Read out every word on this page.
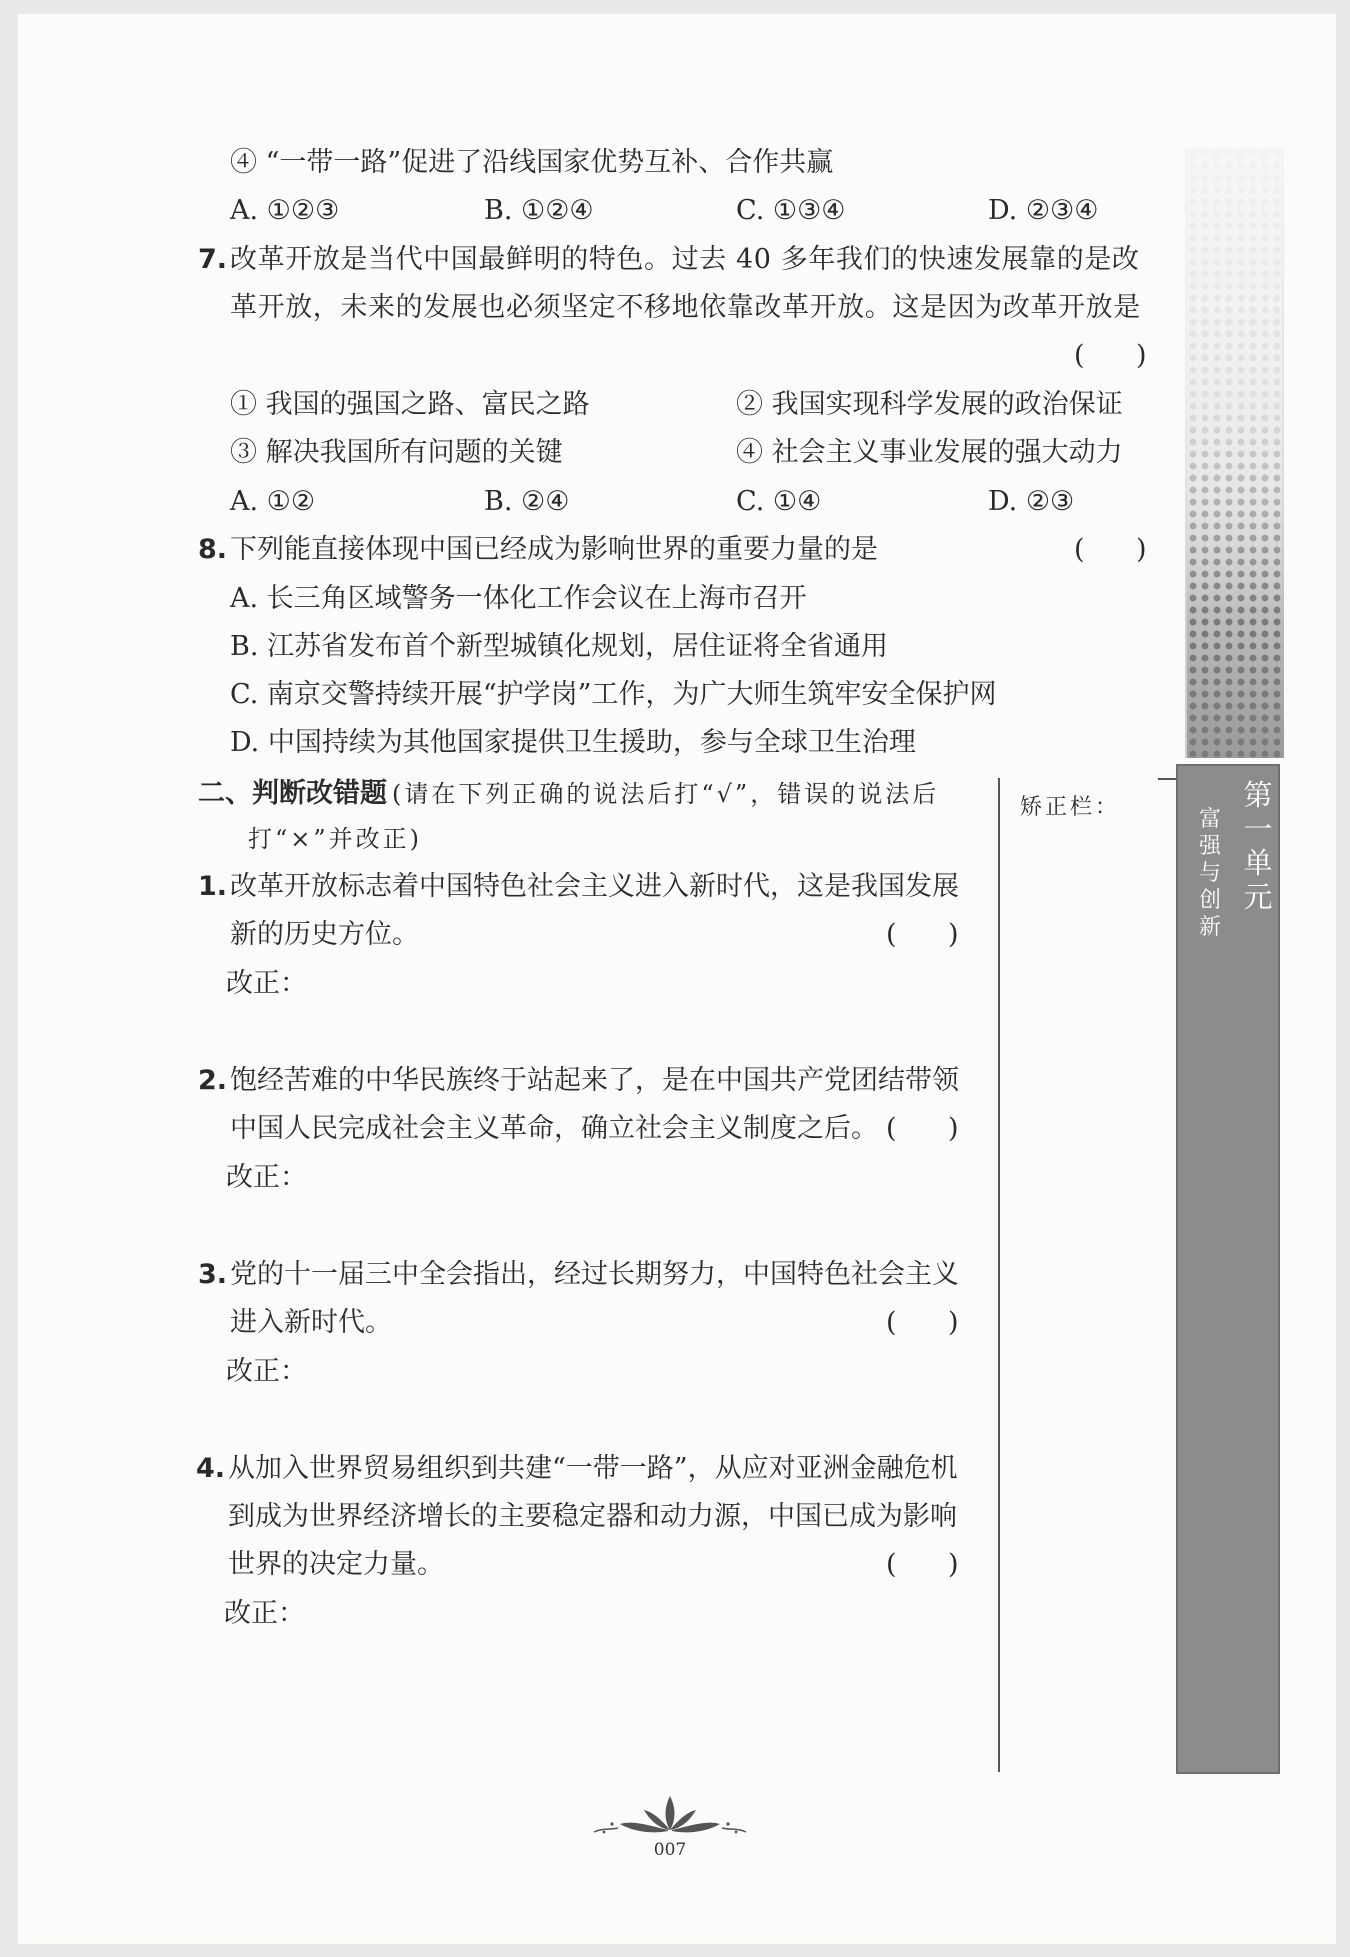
第
一
单
元
富
强
与
创
新
④ “一带一路”促进了沿线国家优势互补、合作共赢
A. ①②③	B. ①②④	C. ①③④	D. ②③④
7. 改革开放是当代中国最鲜明的特色。过去 40 多年我们的快速发展靠的是改
革开放，未来的发展也必须坚定不移地依靠改革开放。这是因为改革开放是
(      )
① 我国的强国之路、富民之路	② 我国实现科学发展的政治保证
③ 解决我国所有问题的关键	④ 社会主义事业发展的强大动力
A. ①②	B. ②④	C. ①④	D. ②③
8. 下列能直接体现中国已经成为影响世界的重要力量的是	(      )
A. 长三角区域警务一体化工作会议在上海市召开
B. 江苏省发布首个新型城镇化规划，居住证将全省通用
C. 南京交警持续开展“护学岗”工作，为广大师生筑牢安全保护网
D. 中国持续为其他国家提供卫生援助，参与全球卫生治理
二、判断改错题 (请在下列正确的说法后打“√”，错误的说法后
打“×”并改正)
矫正栏：
1. 改革开放标志着中国特色社会主义进入新时代，这是我国发展
新的历史方位。	(      )
改正：
2. 饱经苦难的中华民族终于站起来了，是在中国共产党团结带领
中国人民完成社会主义革命，确立社会主义制度之后。 (      )
改正：
3. 党的十一届三中全会指出，经过长期努力，中国特色社会主义
进入新时代。	(      )
改正：
4. 从加入世界贸易组织到共建“一带一路”，从应对亚洲金融危机
到成为世界经济增长的主要稳定器和动力源，中国已成为影响
世界的决定力量。	(      )
改正：
007
